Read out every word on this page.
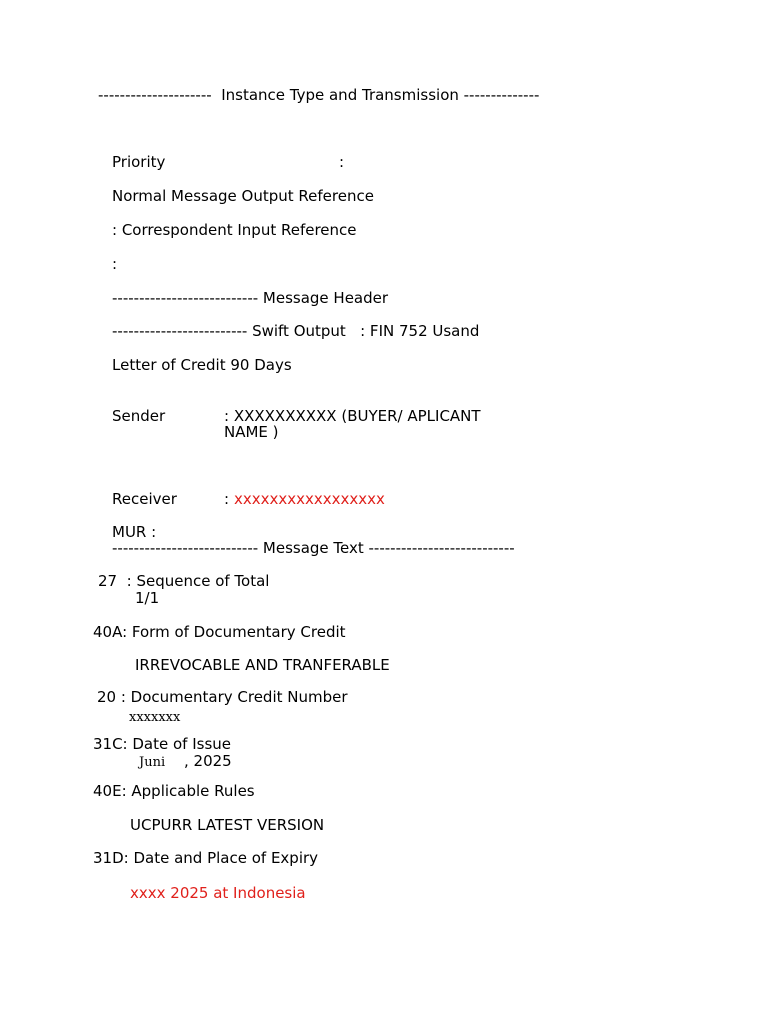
---------------------  Instance Type and Transmission --------------
Priority	:
Normal Message Output Reference
: Correspondent Input Reference
:
--------------------------- Message Header
------------------------- Swift Output   : FIN 752 Usand
Letter of Credit 90 Days
Sender	: XXXXXXXXXX (BUYER/ APLICANT
NAME )
Receiver	: xxxxxxxxxxxxxxxxx
MUR :
--------------------------- Message Text ---------------------------
27  : Sequence of Total
1/1
40A: Form of Documentary Credit
IRREVOCABLE AND TRANFERABLE
20 : Documentary Credit Number
xxxxxxx
31C: Date of Issue
Juni , 2025
40E: Applicable Rules
UCPURR LATEST VERSION
31D: Date and Place of Expiry
xxxx 2025 at Indonesia
